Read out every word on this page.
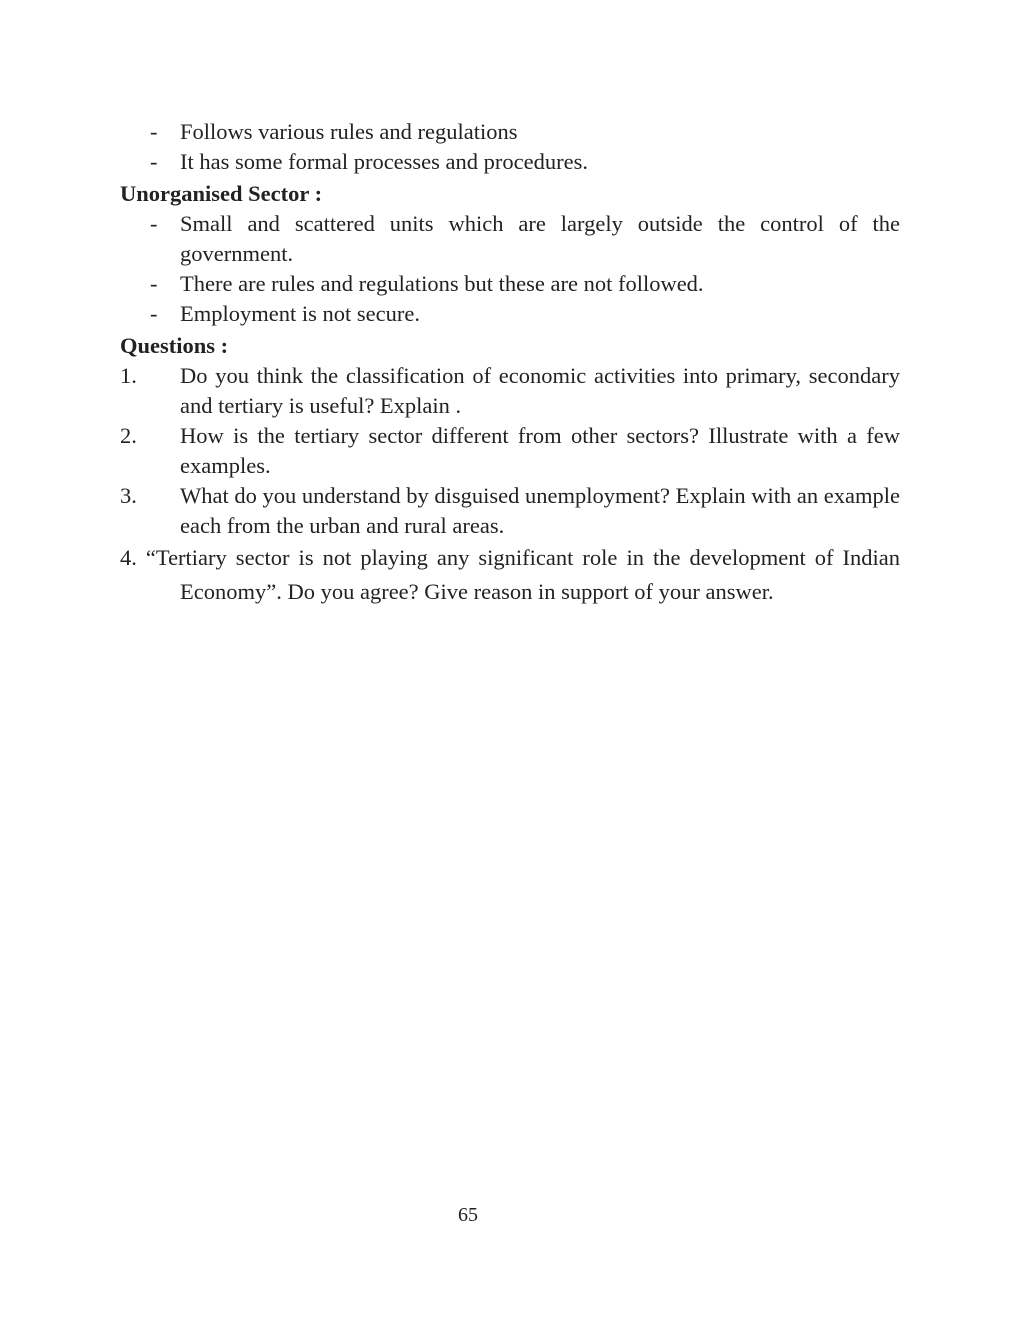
- Follows various rules and regulations
- It has some formal processes and procedures.
Unorganised Sector :
- Small and scattered units which are largely outside the control of the government.
- There are rules and regulations but these are not followed.
- Employment is not secure.
Questions :
1. Do you think the classification of economic activities into primary, secondary and tertiary is useful? Explain .
2. How is the tertiary sector different from other sectors? Illustrate with a few examples.
3. What do you understand by disguised unemployment? Explain with an example each from the urban and rural areas.
4. “Tertiary sector is not playing any significant role in the development of Indian Economy”. Do you agree? Give reason in support of your answer.
65
